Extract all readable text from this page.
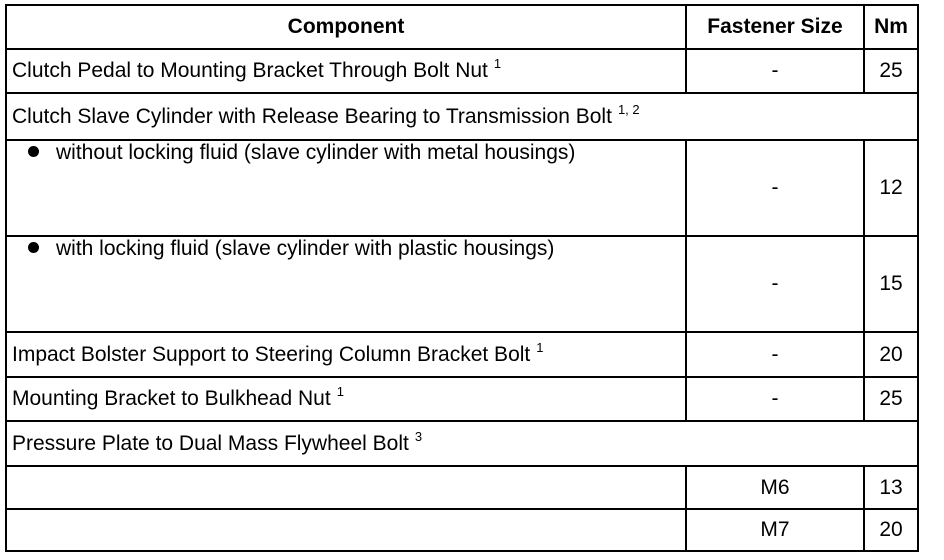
Component	Fastener Size	Nm
Clutch Pedal to Mounting Bracket Through Bolt Nut $^1$	-	25
Clutch Slave Cylinder with Release Bearing to Transmission Bolt $^{1, 2}$
without locking fluid (slave cylinder with metal housings)	-	12
with locking fluid (slave cylinder with plastic housings)	-	15
Impact Bolster Support to Steering Column Bracket Bolt $^1$	-	20
Mounting Bracket to Bulkhead Nut $^1$	-	25
Pressure Plate to Dual Mass Flywheel Bolt $^3$
	M6	13
	M7	20
